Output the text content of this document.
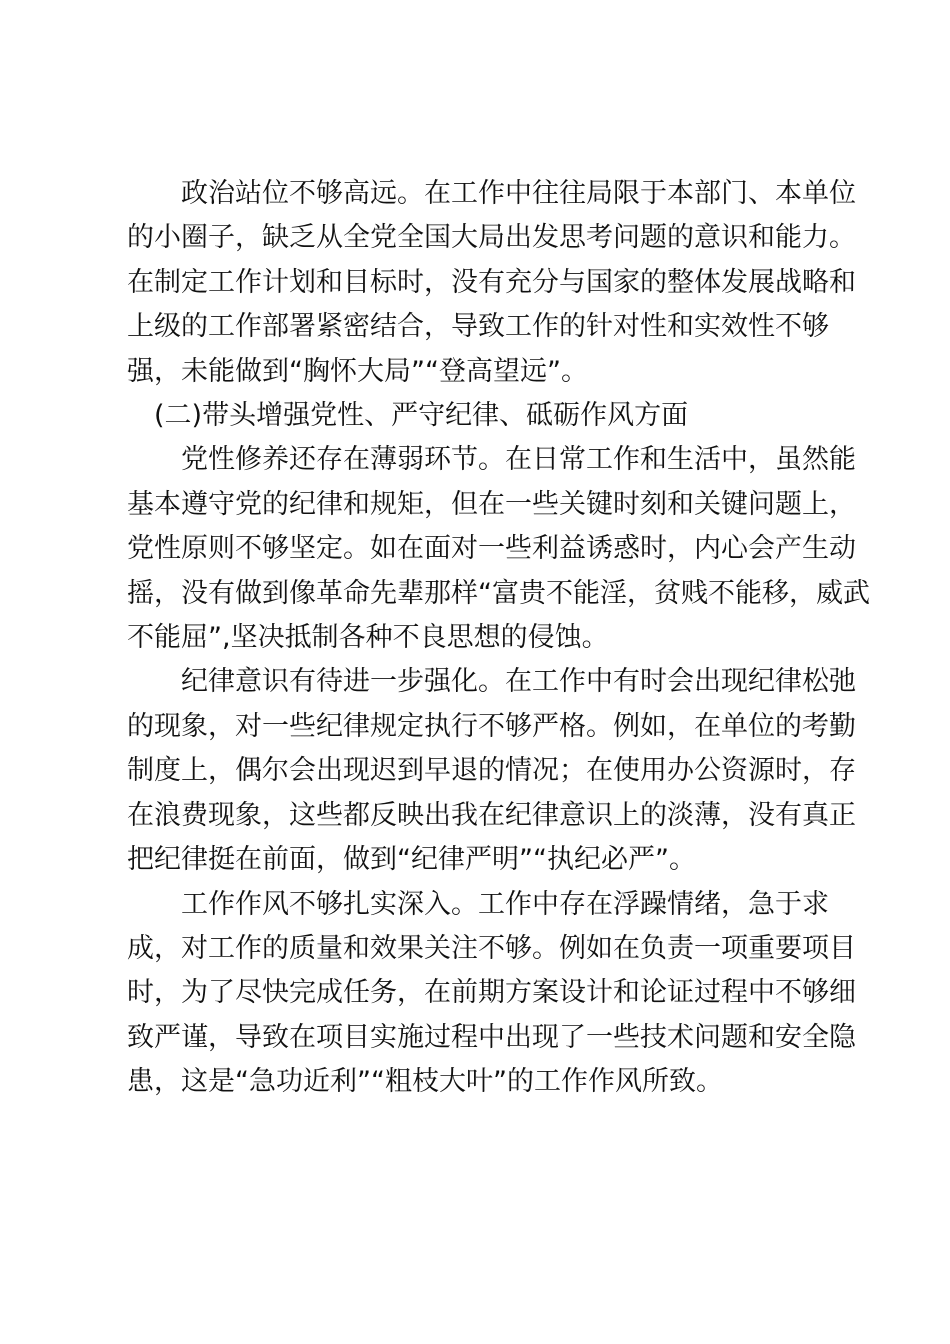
政治站位不够高远。在工作中往往局限于本部门、本单位
的小圈子，缺乏从全党全国大局出发思考问题的意识和能力。
在制定工作计划和目标时，没有充分与国家的整体发展战略和
上级的工作部署紧密结合，导致工作的针对性和实效性不够
强，未能做到“胸怀大局”“登高望远”。
(二)带头增强党性、严守纪律、砥砺作风方面
党性修养还存在薄弱环节。在日常工作和生活中，虽然能
基本遵守党的纪律和规矩，但在一些关键时刻和关键问题上，
党性原则不够坚定。如在面对一些利益诱惑时，内心会产生动
摇，没有做到像革命先辈那样“富贵不能淫，贫贱不能移，威武
不能屈”,坚决抵制各种不良思想的侵蚀。
纪律意识有待进一步强化。在工作中有时会出现纪律松弛
的现象，对一些纪律规定执行不够严格。例如，在单位的考勤
制度上，偶尔会出现迟到早退的情况；在使用办公资源时，存
在浪费现象，这些都反映出我在纪律意识上的淡薄，没有真正
把纪律挺在前面，做到“纪律严明”“执纪必严”。
工作作风不够扎实深入。工作中存在浮躁情绪，急于求
成，对工作的质量和效果关注不够。例如在负责一项重要项目
时，为了尽快完成任务，在前期方案设计和论证过程中不够细
致严谨，导致在项目实施过程中出现了一些技术问题和安全隐
患，这是“急功近利”“粗枝大叶”的工作作风所致。
